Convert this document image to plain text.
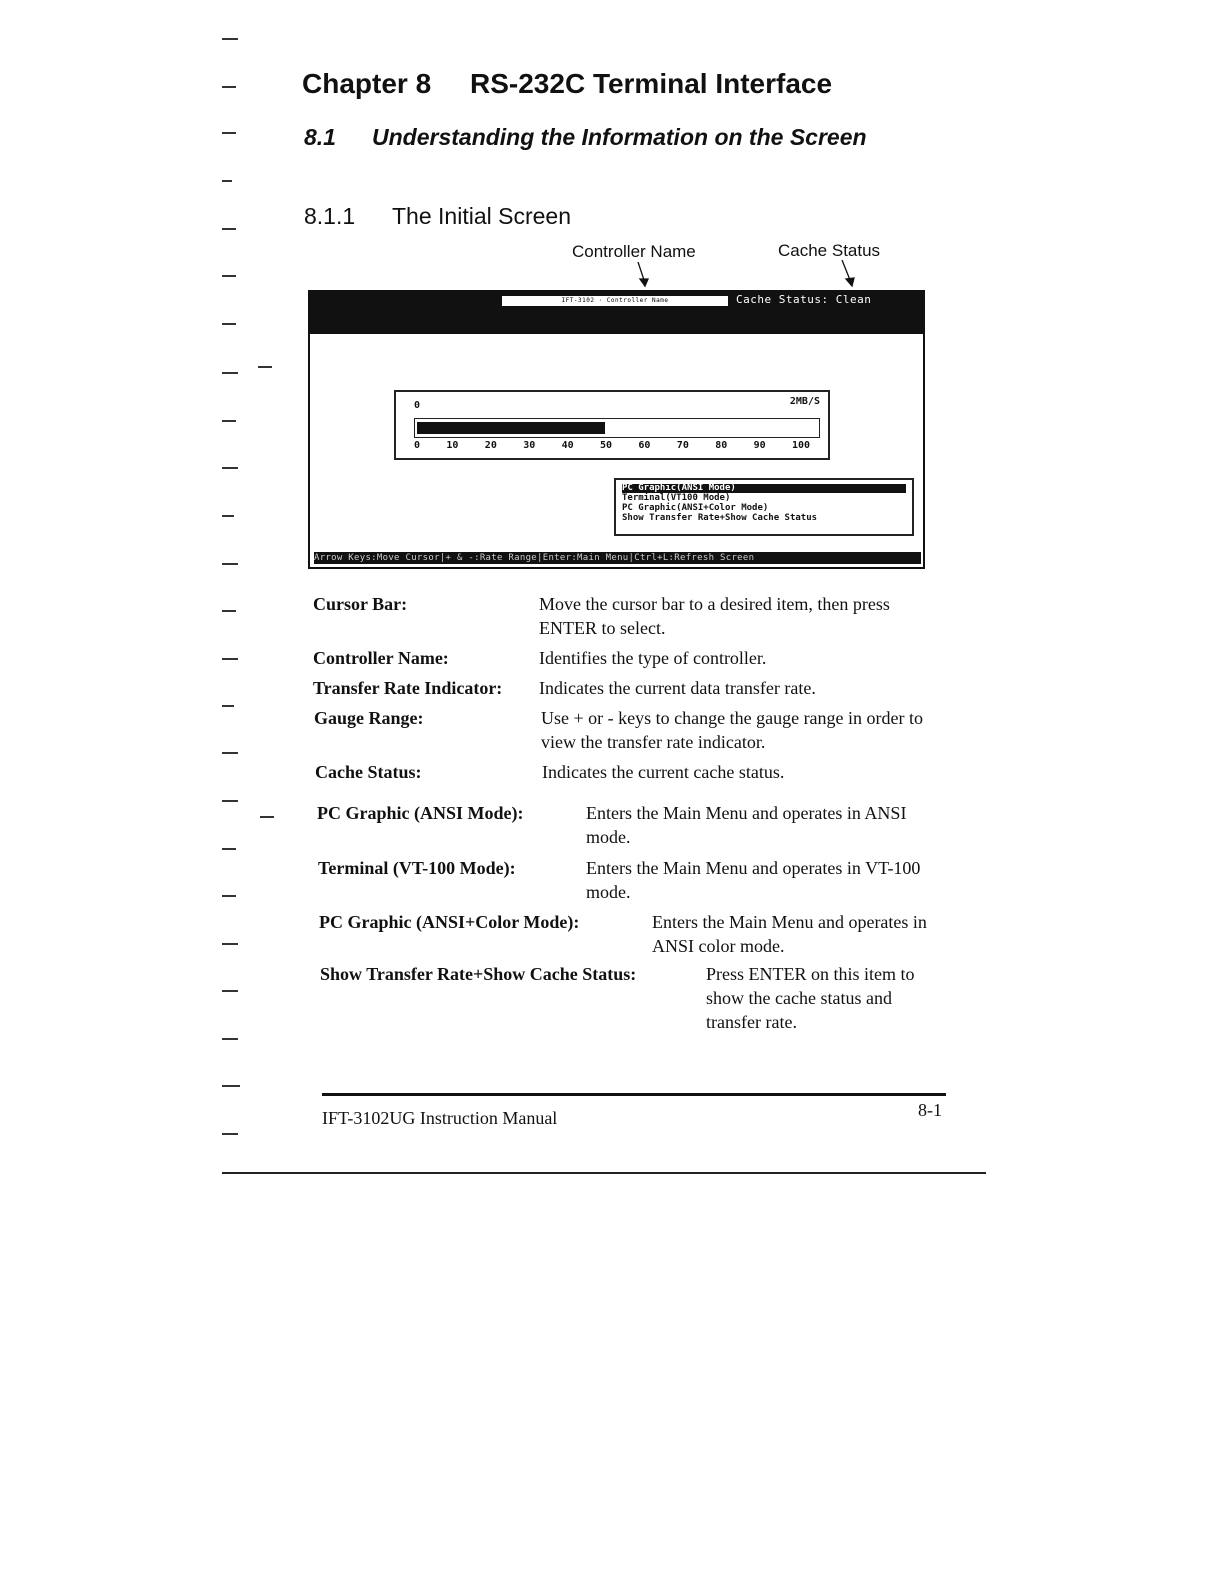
Chapter 8 RS-232C Terminal Interface
8.1 Understanding the Information on the Screen
8.1.1 The Initial Screen
Controller Name	Cache Status
IFT-3102 · Controller Name	Cache Status: Clean
0	2MB/S
0	10	20	30	40	50	60	70	80	90	100
PC Graphic(ANSI Mode)
Terminal(VT100 Mode)
PC Graphic(ANSI+Color Mode)
Show Transfer Rate+Show Cache Status
Arrow Keys:Move Cursor|+ & -:Rate Range|Enter:Main Menu|Ctrl+L:Refresh Screen
Cursor Bar:	Move the cursor bar to a desired item, then press ENTER to select.
Controller Name:	Identifies the type of controller.
Transfer Rate Indicator: Indicates the current data transfer rate.
Gauge Range:	Use + or - keys to change the gauge range in order to view the transfer rate indicator.
Cache Status:	Indicates the current cache status.
PC Graphic (ANSI Mode):	Enters the Main Menu and operates in ANSI mode.
Terminal (VT-100 Mode):	Enters the Main Menu and operates in VT-100 mode.
PC Graphic (ANSI+Color Mode):	Enters the Main Menu and operates in ANSI color mode.
Show Transfer Rate+Show Cache Status:	Press ENTER on this item to show the cache status and transfer rate.
IFT-3102UG Instruction Manual	8-1
